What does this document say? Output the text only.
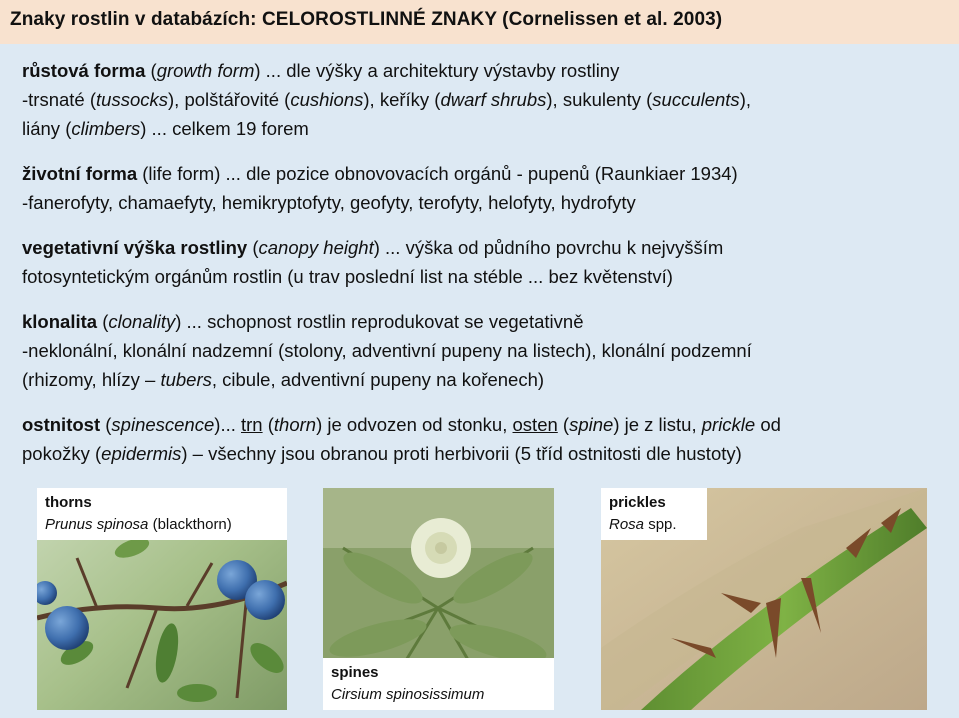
Znaky rostlin v databázích: CELOROSTLINNÉ ZNAKY (Cornelissen et al. 2003)
růstová forma (growth form) ... dle výšky a architektury výstavby rostliny
-trsnaté (tussocks), polštářovité (cushions), keříky (dwarf shrubs), sukulenty (succulents),
liány (climbers) ... celkem 19 forem
životní forma (life form) ... dle pozice obnovovacích orgánů - pupenů (Raunkiaer 1934)
-fanerofyty, chamaefyty, hemikryptofyty, geofyty, terofyty, helofyty, hydrofyty
vegetativní výška rostliny (canopy height) ... výška od půdního povrchu k nejvyšším
fotosyntetickým orgánům rostlin (u trav poslední list na stéble ... bez květenství)
klonalita (clonality) ... schopnost rostlin reprodukovat se vegetativně
-neklonální, klonální nadzemní (stolony, adventivní pupeny na listech), klonální podzemní
(rhizomy, hlízy – tubers, cibule, adventivní pupeny na kořenech)
ostnitost (spinescence)... trn (thorn) je odvozen od stonku, osten (spine) je z listu, prickle od
pokožky (epidermis) – všechny jsou obranou proti herbivorii (5 tříd ostnitosti dle hustoty)
thorns
Prunus spinosa (blackthorn)
spines
Cirsium spinosissimum
prickles
Rosa spp.
